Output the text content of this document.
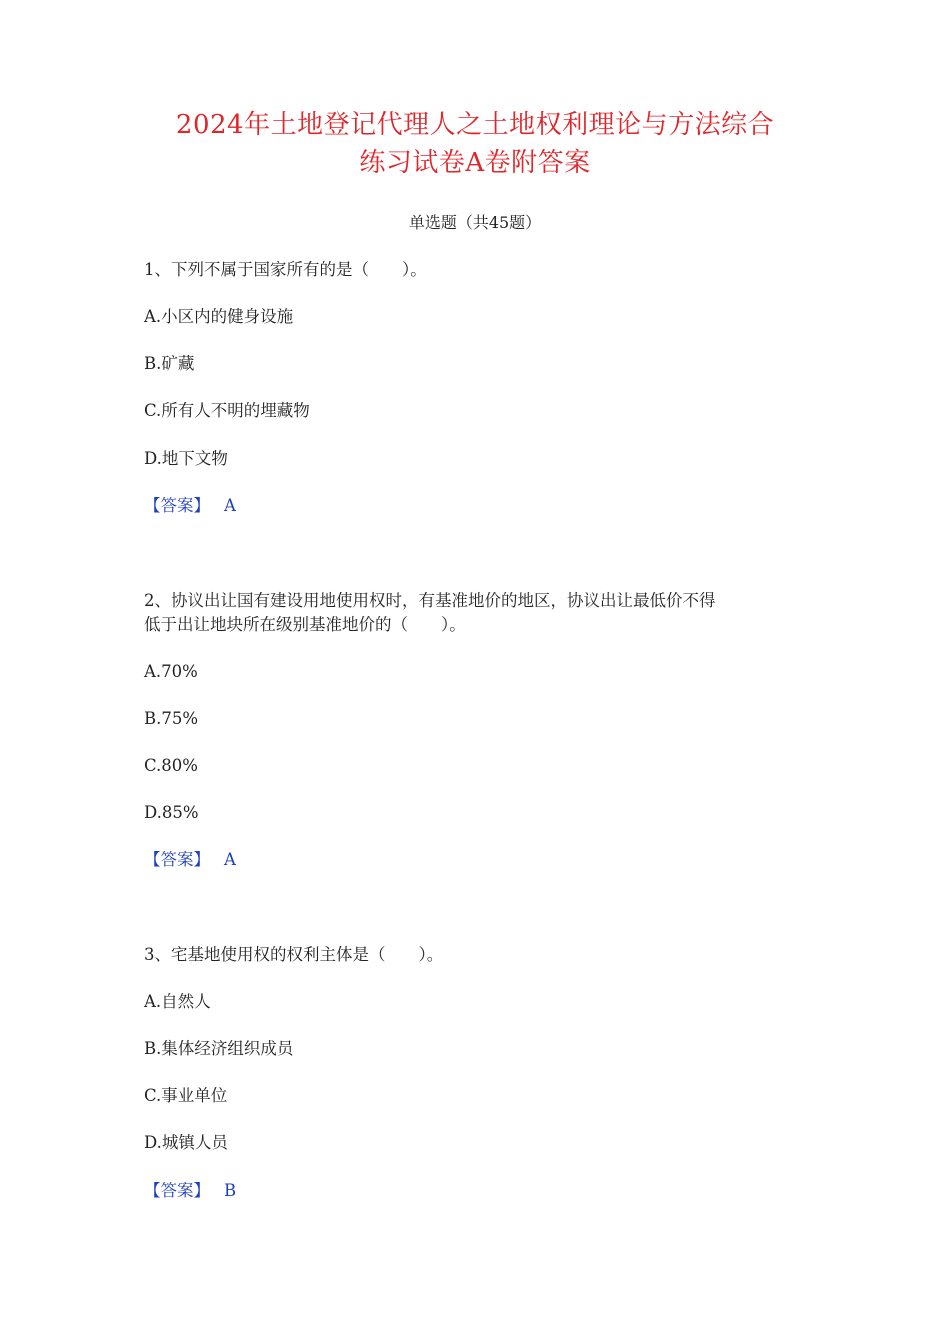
2024年土地登记代理人之土地权利理论与方法综合
练习试卷A卷附答案
单选题（共45题）
1、下列不属于国家所有的是（　　）。
A.小区内的健身设施
B.矿藏
C.所有人不明的埋藏物
D.地下文物
【答案】 A
2、协议出让国有建设用地使用权时，有基准地价的地区，协议出让最低价不得
低于出让地块所在级别基准地价的（　　）。
A.70%
B.75%
C.80%
D.85%
【答案】 A
3、宅基地使用权的权利主体是（　　）。
A.自然人
B.集体经济组织成员
C.事业单位
D.城镇人员
【答案】 B
